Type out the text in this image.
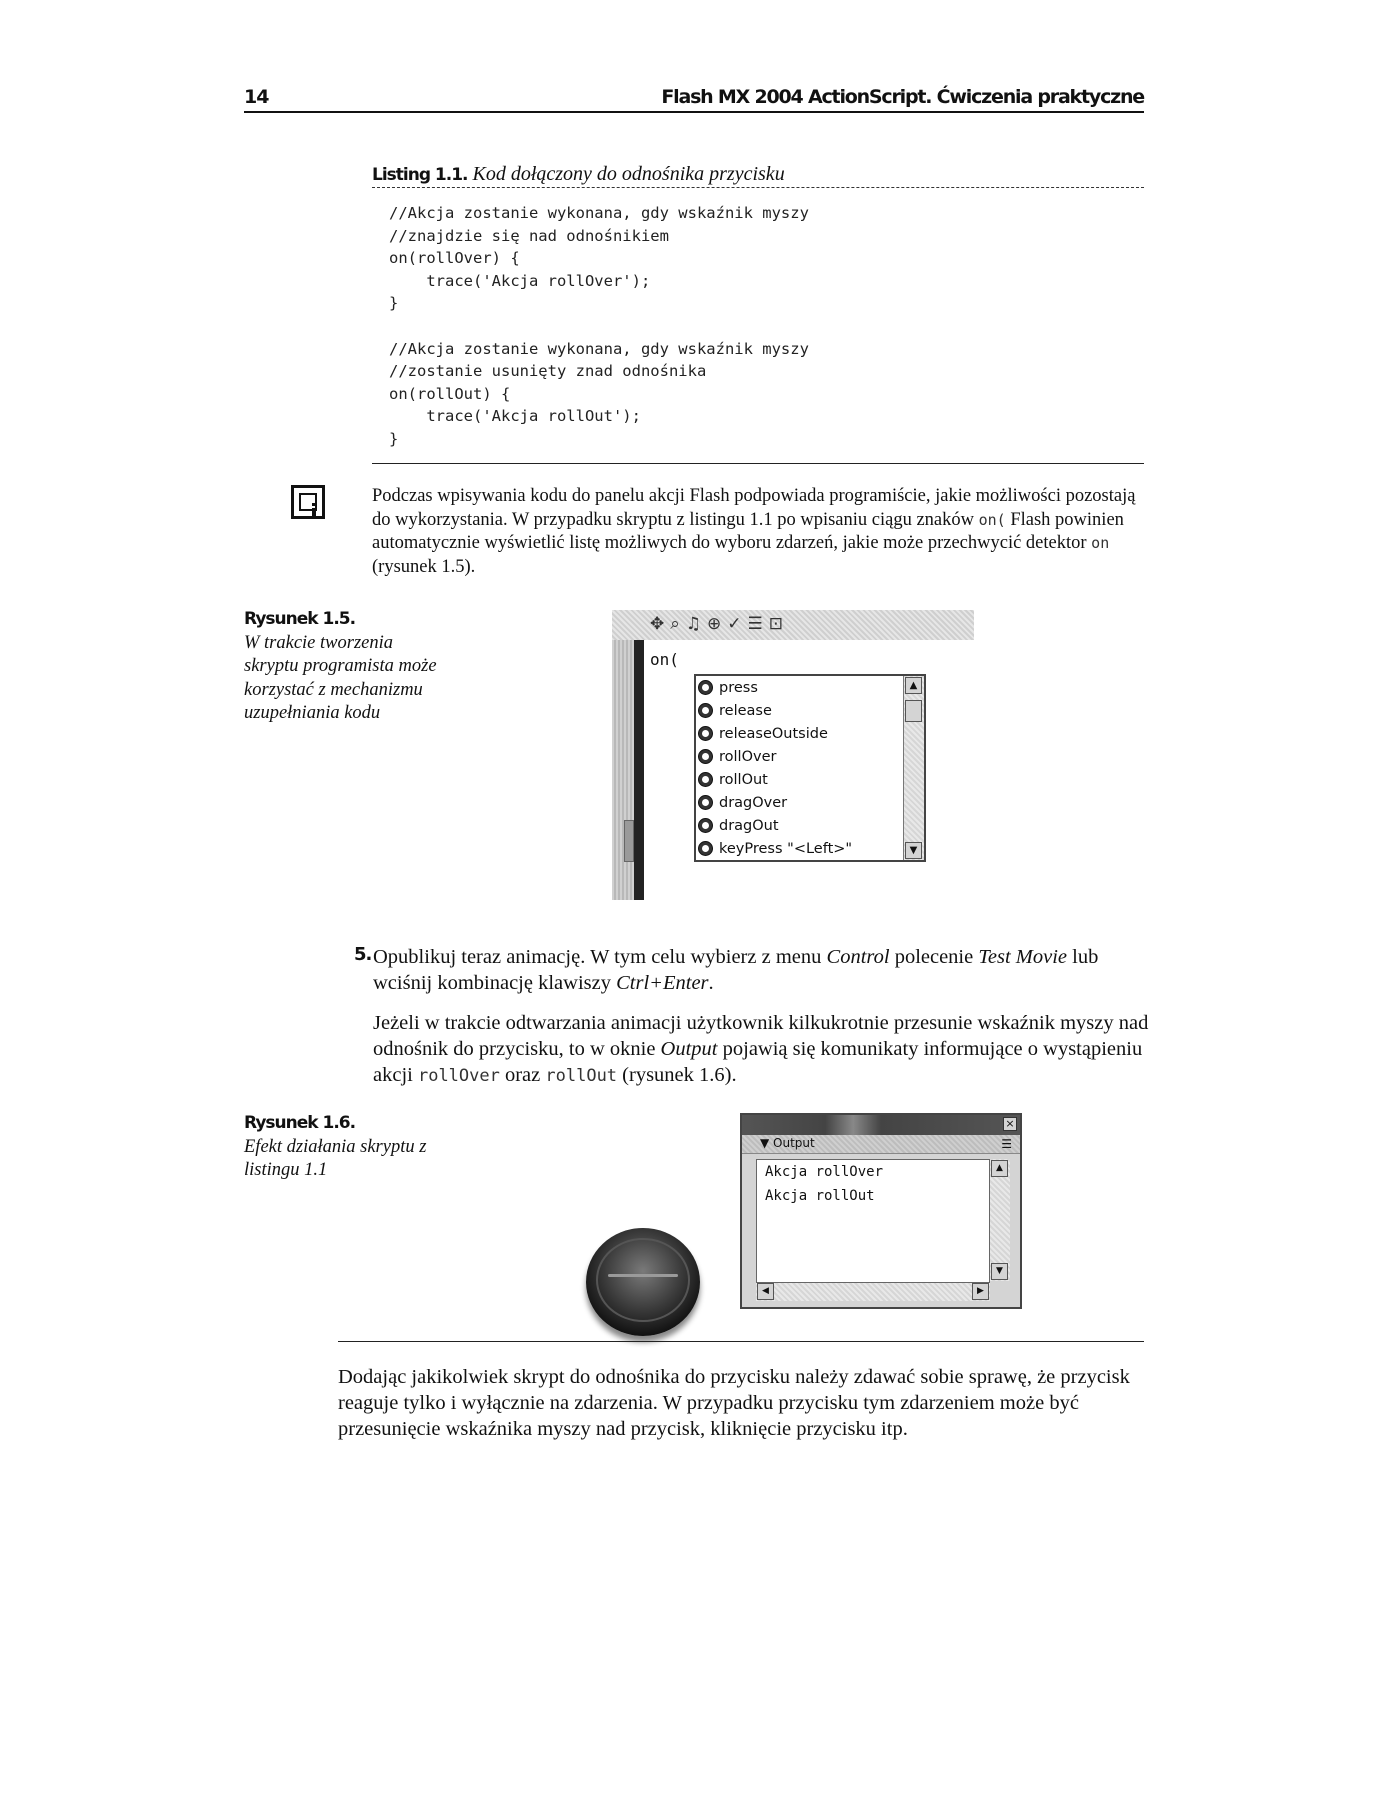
14	Flash MX 2004 ActionScript. Ćwiczenia praktyczne
Listing 1.1. Kod dołączony do odnośnika przycisku
//Akcja zostanie wykonana, gdy wskaźnik myszy
//znajdzie się nad odnośnikiem
on(rollOver) {
trace('Akcja rollOver');
}

//Akcja zostanie wykonana, gdy wskaźnik myszy
//zostanie usunięty znad odnośnika
on(rollOut) {
trace('Akcja rollOut');
}

Podczas wpisywania kodu do panelu akcji Flash podpowiada programiście, jakie możliwości pozostają do wykorzystania. W przypadku skryptu z listingu 1.1 po wpisaniu ciągu znaków on( Flash powinien automatycznie wyświetlić listę możliwych do wyboru zdarzeń, jakie może przechwycić detektor on (rysunek 1.5).

Rysunek 1.5.
W trakcie tworzenia skryptu programista może korzystać z mechanizmu uzupełniania kodu
✥⌕♫⊕✓☰⊡
on(
press
release
releaseOutside
rollOver
rollOut
dragOver
dragOut
keyPress "<Left>"
▲
▼
5. Opublikuj teraz animację. W tym celu wybierz z menu Control polecenie Test Movie lub wciśnij kombinację klawiszy Ctrl+Enter.

Jeżeli w trakcie odtwarzania animacji użytkownik kilkukrotnie przesunie wskaźnik myszy nad odnośnik do przycisku, to w oknie Output pojawią się komunikaty informujące o wystąpieniu akcji rollOver oraz rollOut (rysunek 1.6).

Rysunek 1.6.
Efekt działania skryptu z listingu 1.1
×
▼ Output	☰
Akcja rollOver
Akcja rollOut
▲
▼
◀	▶

Dodając jakikolwiek skrypt do odnośnika do przycisku należy zdawać sobie sprawę, że przycisk reaguje tylko i wyłącznie na zdarzenia. W przypadku przycisku tym zdarzeniem może być przesunięcie wskaźnika myszy nad przycisk, kliknięcie przycisku itp.
